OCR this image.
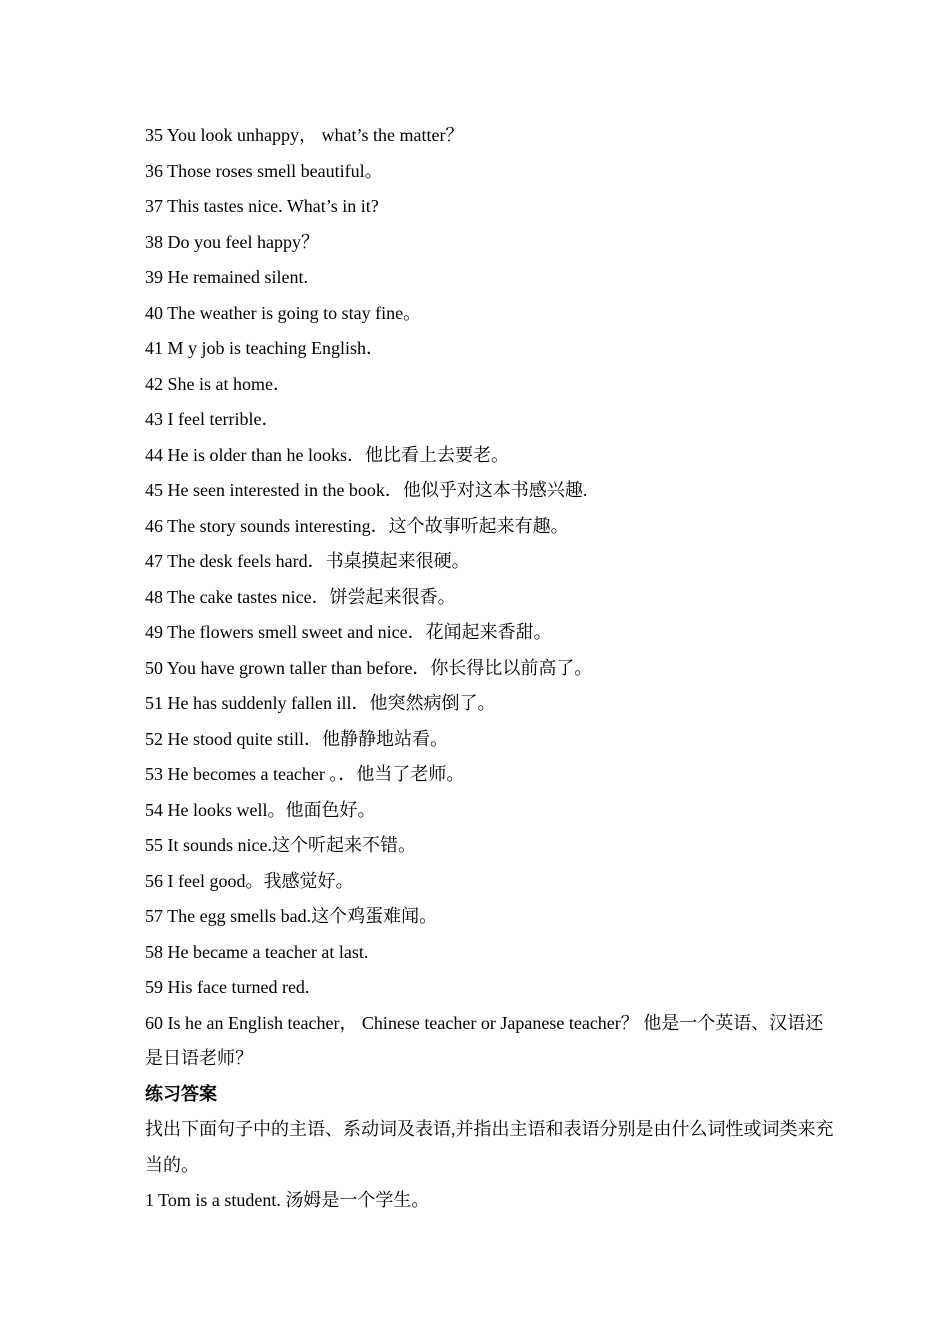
35 You look unhappy， what’s the matter？
36 Those roses smell beautiful。
37 This tastes nice. What’s in it?
38 Do you feel happy？
39 He remained silent.
40 The weather is going to stay fine。
41 M y job is teaching English．
42 She is at home．
43 I feel terrible．
44 He is older than he looks．他比看上去要老。
45 He seen interested in the book．他似乎对这本书感兴趣.
46 The story sounds interesting．这个故事听起来有趣。
47 The desk feels hard．书桌摸起来很硬。
48 The cake tastes nice．饼尝起来很香。
49 The flowers smell sweet and nice．花闻起来香甜。
50 You have grown taller than before．你长得比以前高了。
51 He has suddenly fallen ill．他突然病倒了。
52 He stood quite still．他静静地站看。
53 He becomes a teacher 。．他当了老师。
54 He looks well。他面色好。
55 It sounds nice.这个听起来不错。
56 I feel good。我感觉好。
57 The egg smells bad.这个鸡蛋难闻。
58 He became a teacher at last.
59 His face turned red.
60 Is he an English teacher， Chinese teacher or Japanese teacher？ 他是一个英语、汉语还是日语老师？
练习答案
找出下面句子中的主语、系动词及表语,并指出主语和表语分别是由什么词性或词类来充当的。
1 Tom is a student. 汤姆是一个学生。
